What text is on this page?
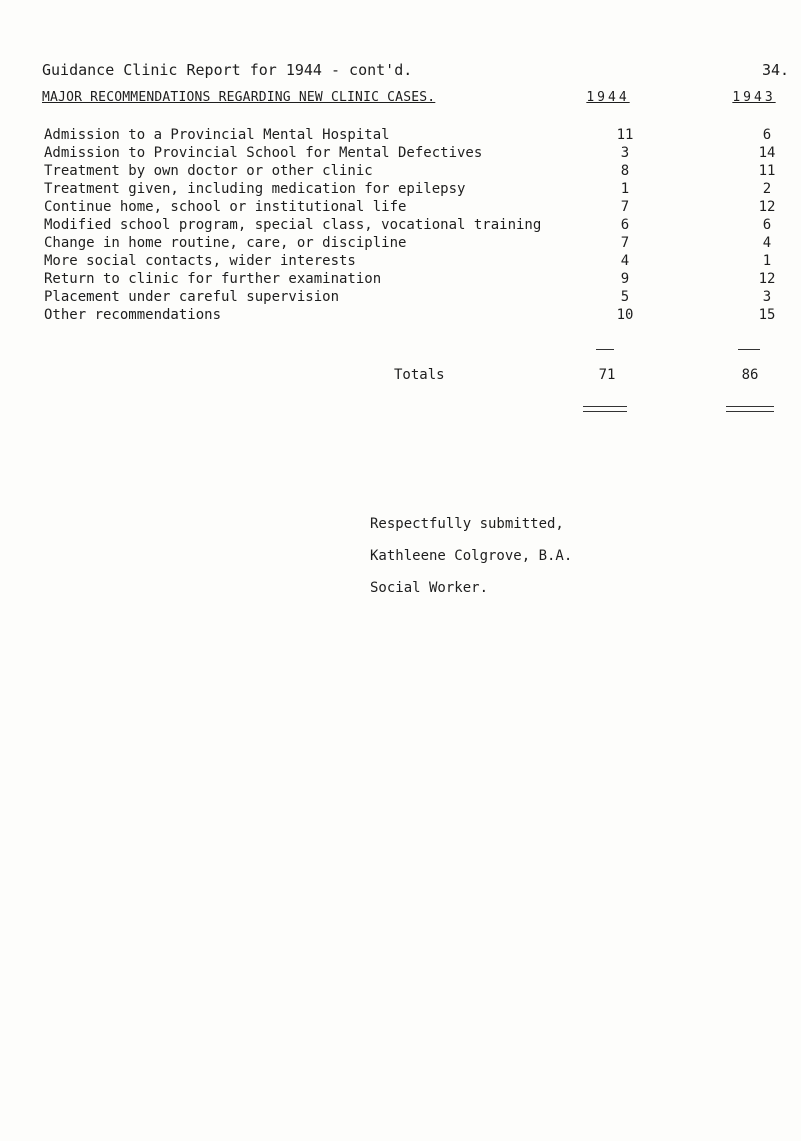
Guidance Clinic Report for 1944 - cont'd.	34.
MAJOR RECOMMENDATIONS REGARDING NEW CLINIC CASES.	1944	1943
Admission to a Provincial Mental Hospital	11	6
Admission to Provincial School for Mental Defectives	3	14
Treatment by own doctor or other clinic	8	11
Treatment given, including medication for epilepsy	1	2
Continue home, school or institutional life	7	12
Modified school program, special class, vocational training	6	6
Change in home routine, care, or discipline	7	4
More social contacts, wider interests	4	1
Return to clinic for further examination	9	12
Placement under careful supervision	5	3
Other recommendations	10	15
Totals	71	86
Respectfully submitted,
Kathleene Colgrove, B.A.
Social Worker.
